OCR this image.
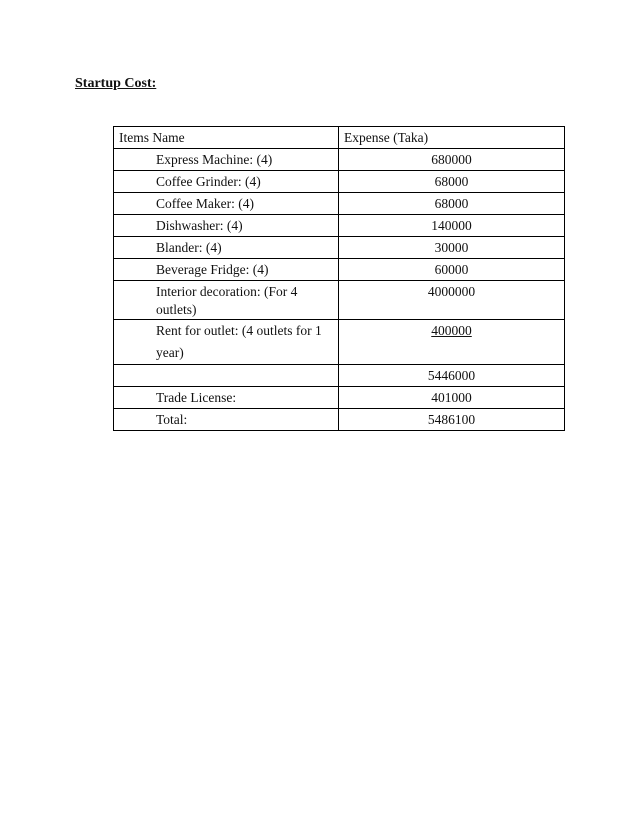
Startup Cost:
Items Name	Expense (Taka)
Express Machine: (4)	680000
Coffee Grinder: (4)	68000
Coffee Maker: (4)	68000
Dishwasher: (4)	140000
Blander: (4)	30000
Beverage Fridge: (4)	60000
Interior decoration: (For 4 outlets)	4000000
Rent for outlet: (4 outlets for 1 year)	400000
	5446000
Trade License:	401000
Total:	5486100
